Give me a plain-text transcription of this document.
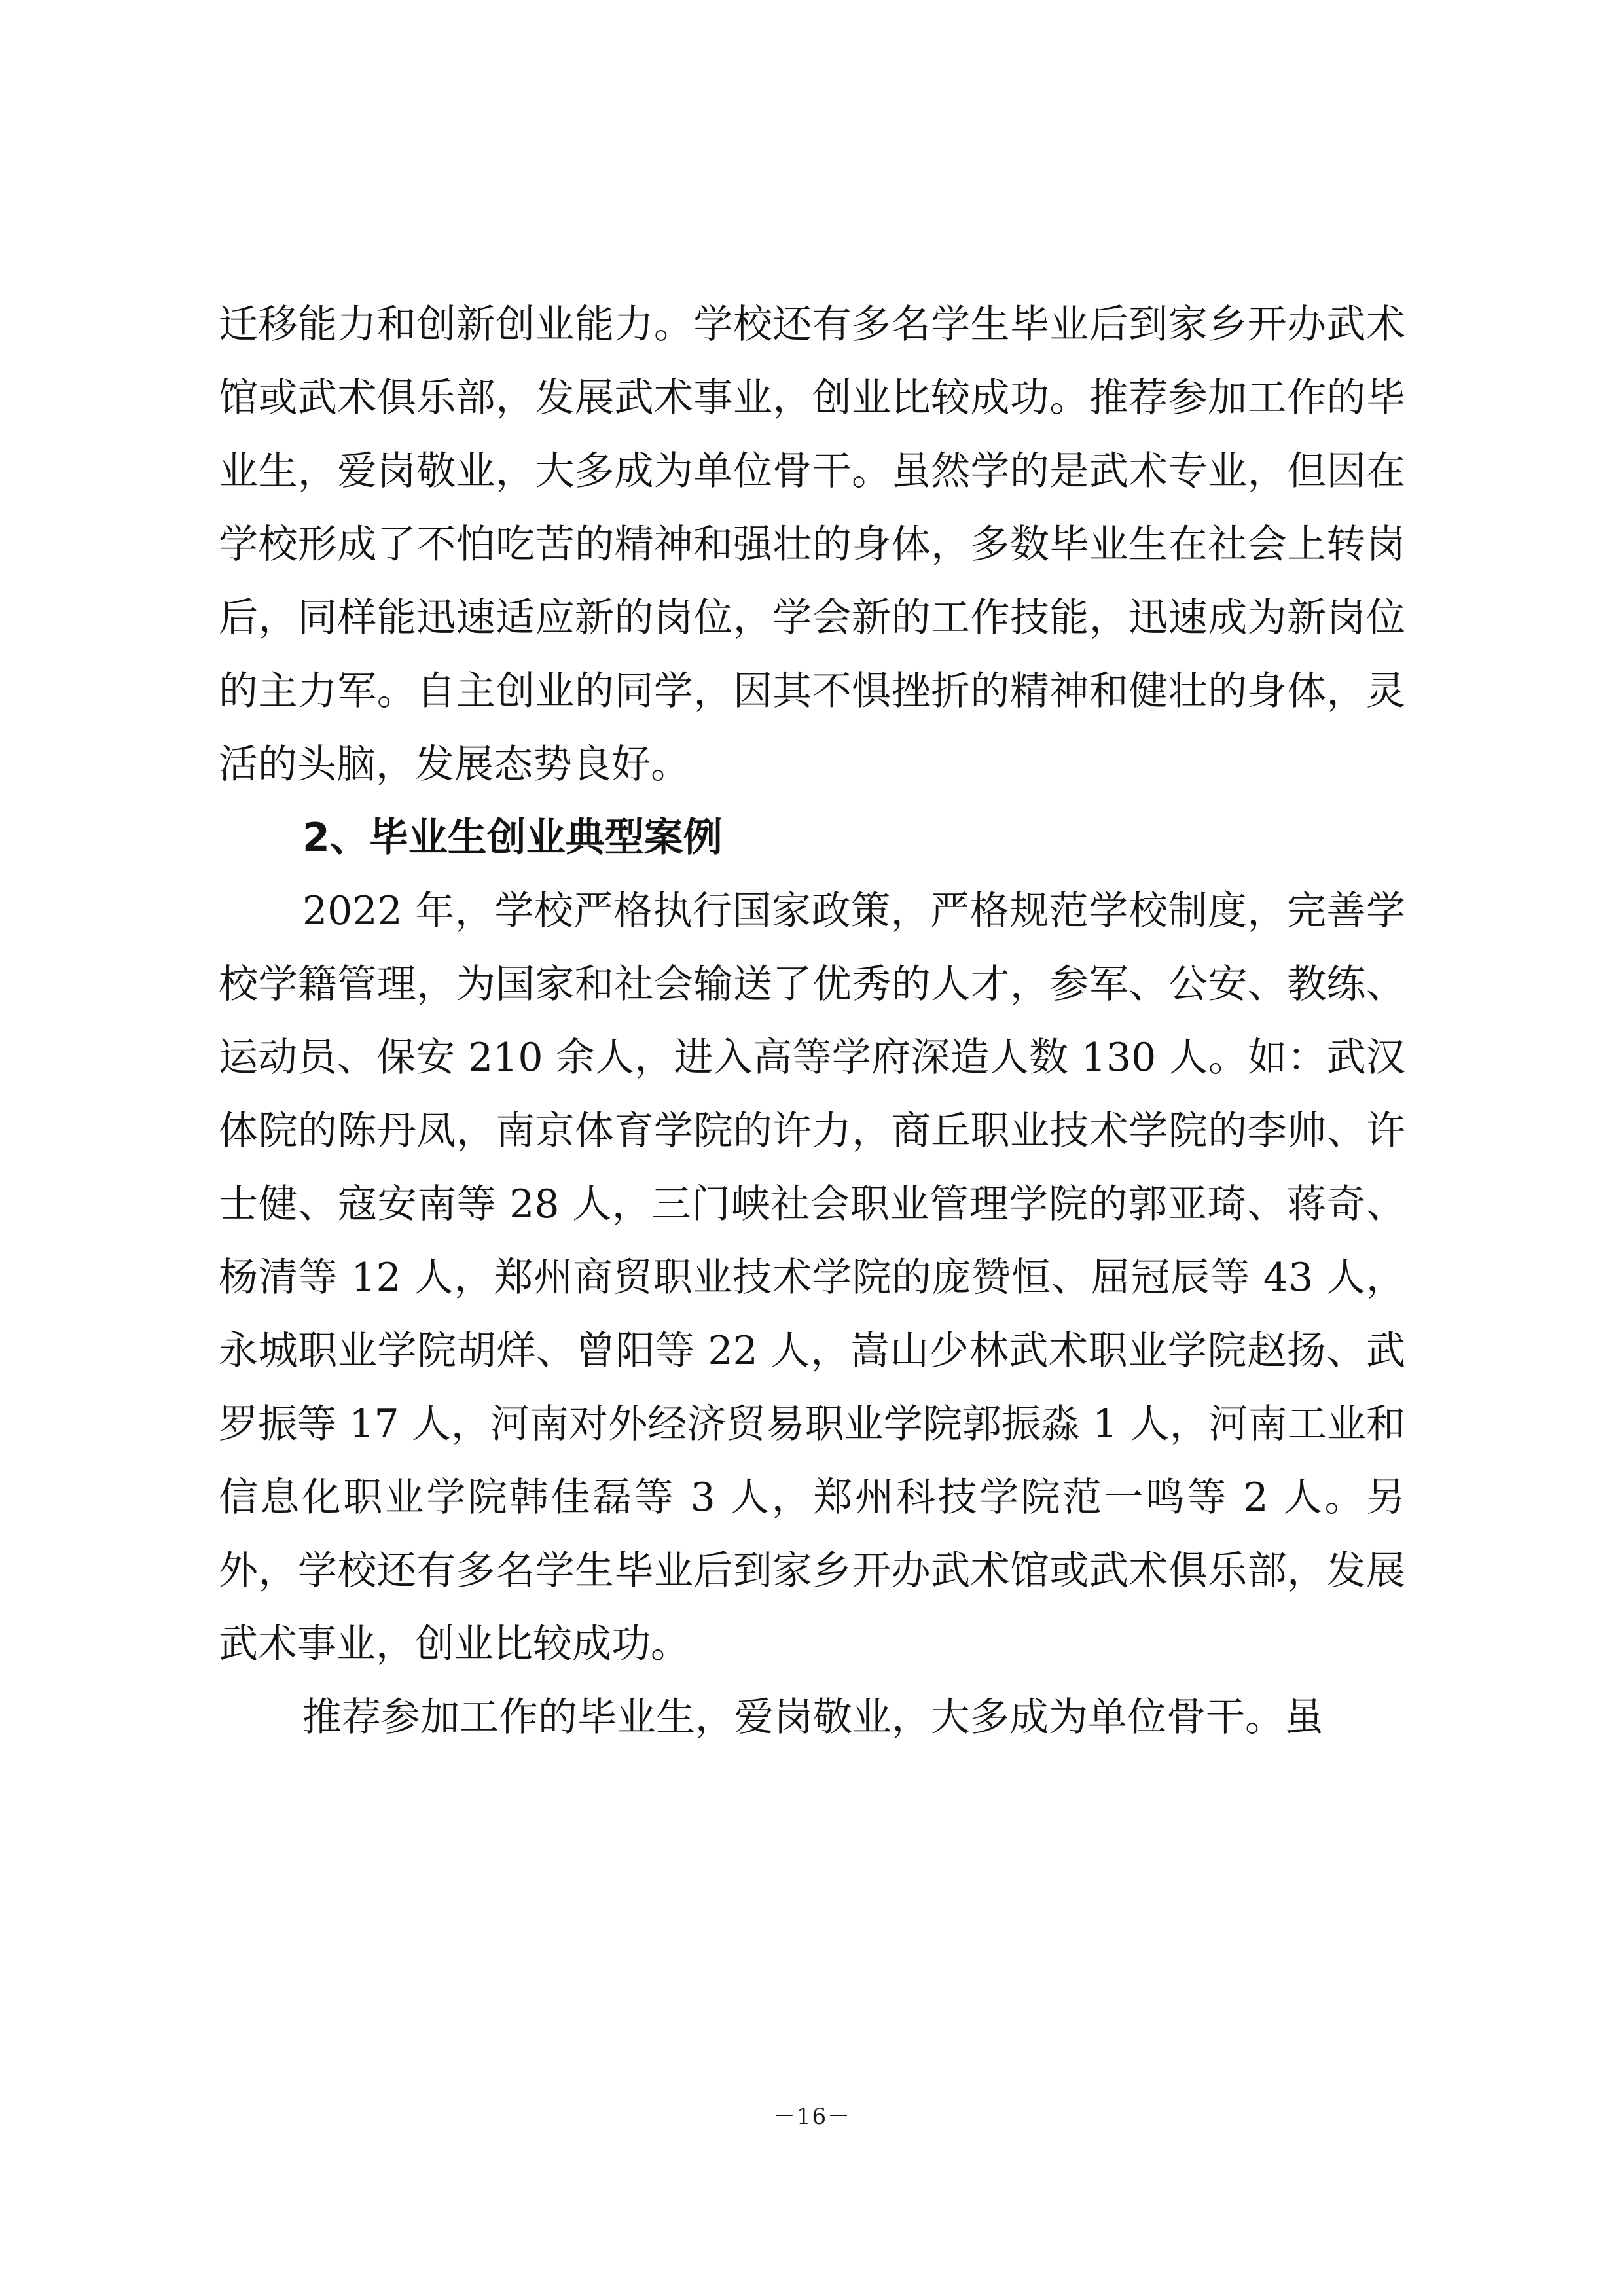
迁移能力和创新创业能力。学校还有多名学生毕业后到家乡开办武术馆或武术俱乐部，发展武术事业，创业比较成功。推荐参加工作的毕业生，爱岗敬业，大多成为单位骨干。虽然学的是武术专业，但因在学校形成了不怕吃苦的精神和强壮的身体，多数毕业生在社会上转岗后，同样能迅速适应新的岗位，学会新的工作技能，迅速成为新岗位的主力军。自主创业的同学，因其不惧挫折的精神和健壮的身体，灵活的头脑，发展态势良好。

2、毕业生创业典型案例

2022 年，学校严格执行国家政策，严格规范学校制度，完善学校学籍管理，为国家和社会输送了优秀的人才，参军、公安、教练、运动员、保安 210 余人，进入高等学府深造人数 130 人。如：武汉体院的陈丹凤，南京体育学院的许力，商丘职业技术学院的李帅、许士健、寇安南等 28 人，三门峡社会职业管理学院的郭亚琦、蒋奇、杨清等 12 人，郑州商贸职业技术学院的庞赞恒、屈冠辰等 43 人，永城职业学院胡烊、曾阳等 22 人，嵩山少林武术职业学院赵扬、武罗振等 17 人，河南对外经济贸易职业学院郭振淼 1 人，河南工业和信息化职业学院韩佳磊等 3 人，郑州科技学院范一鸣等 2 人。另外，学校还有多名学生毕业后到家乡开办武术馆或武术俱乐部，发展武术事业，创业比较成功。

推荐参加工作的毕业生，爱岗敬业，大多成为单位骨干。虽

－16－
